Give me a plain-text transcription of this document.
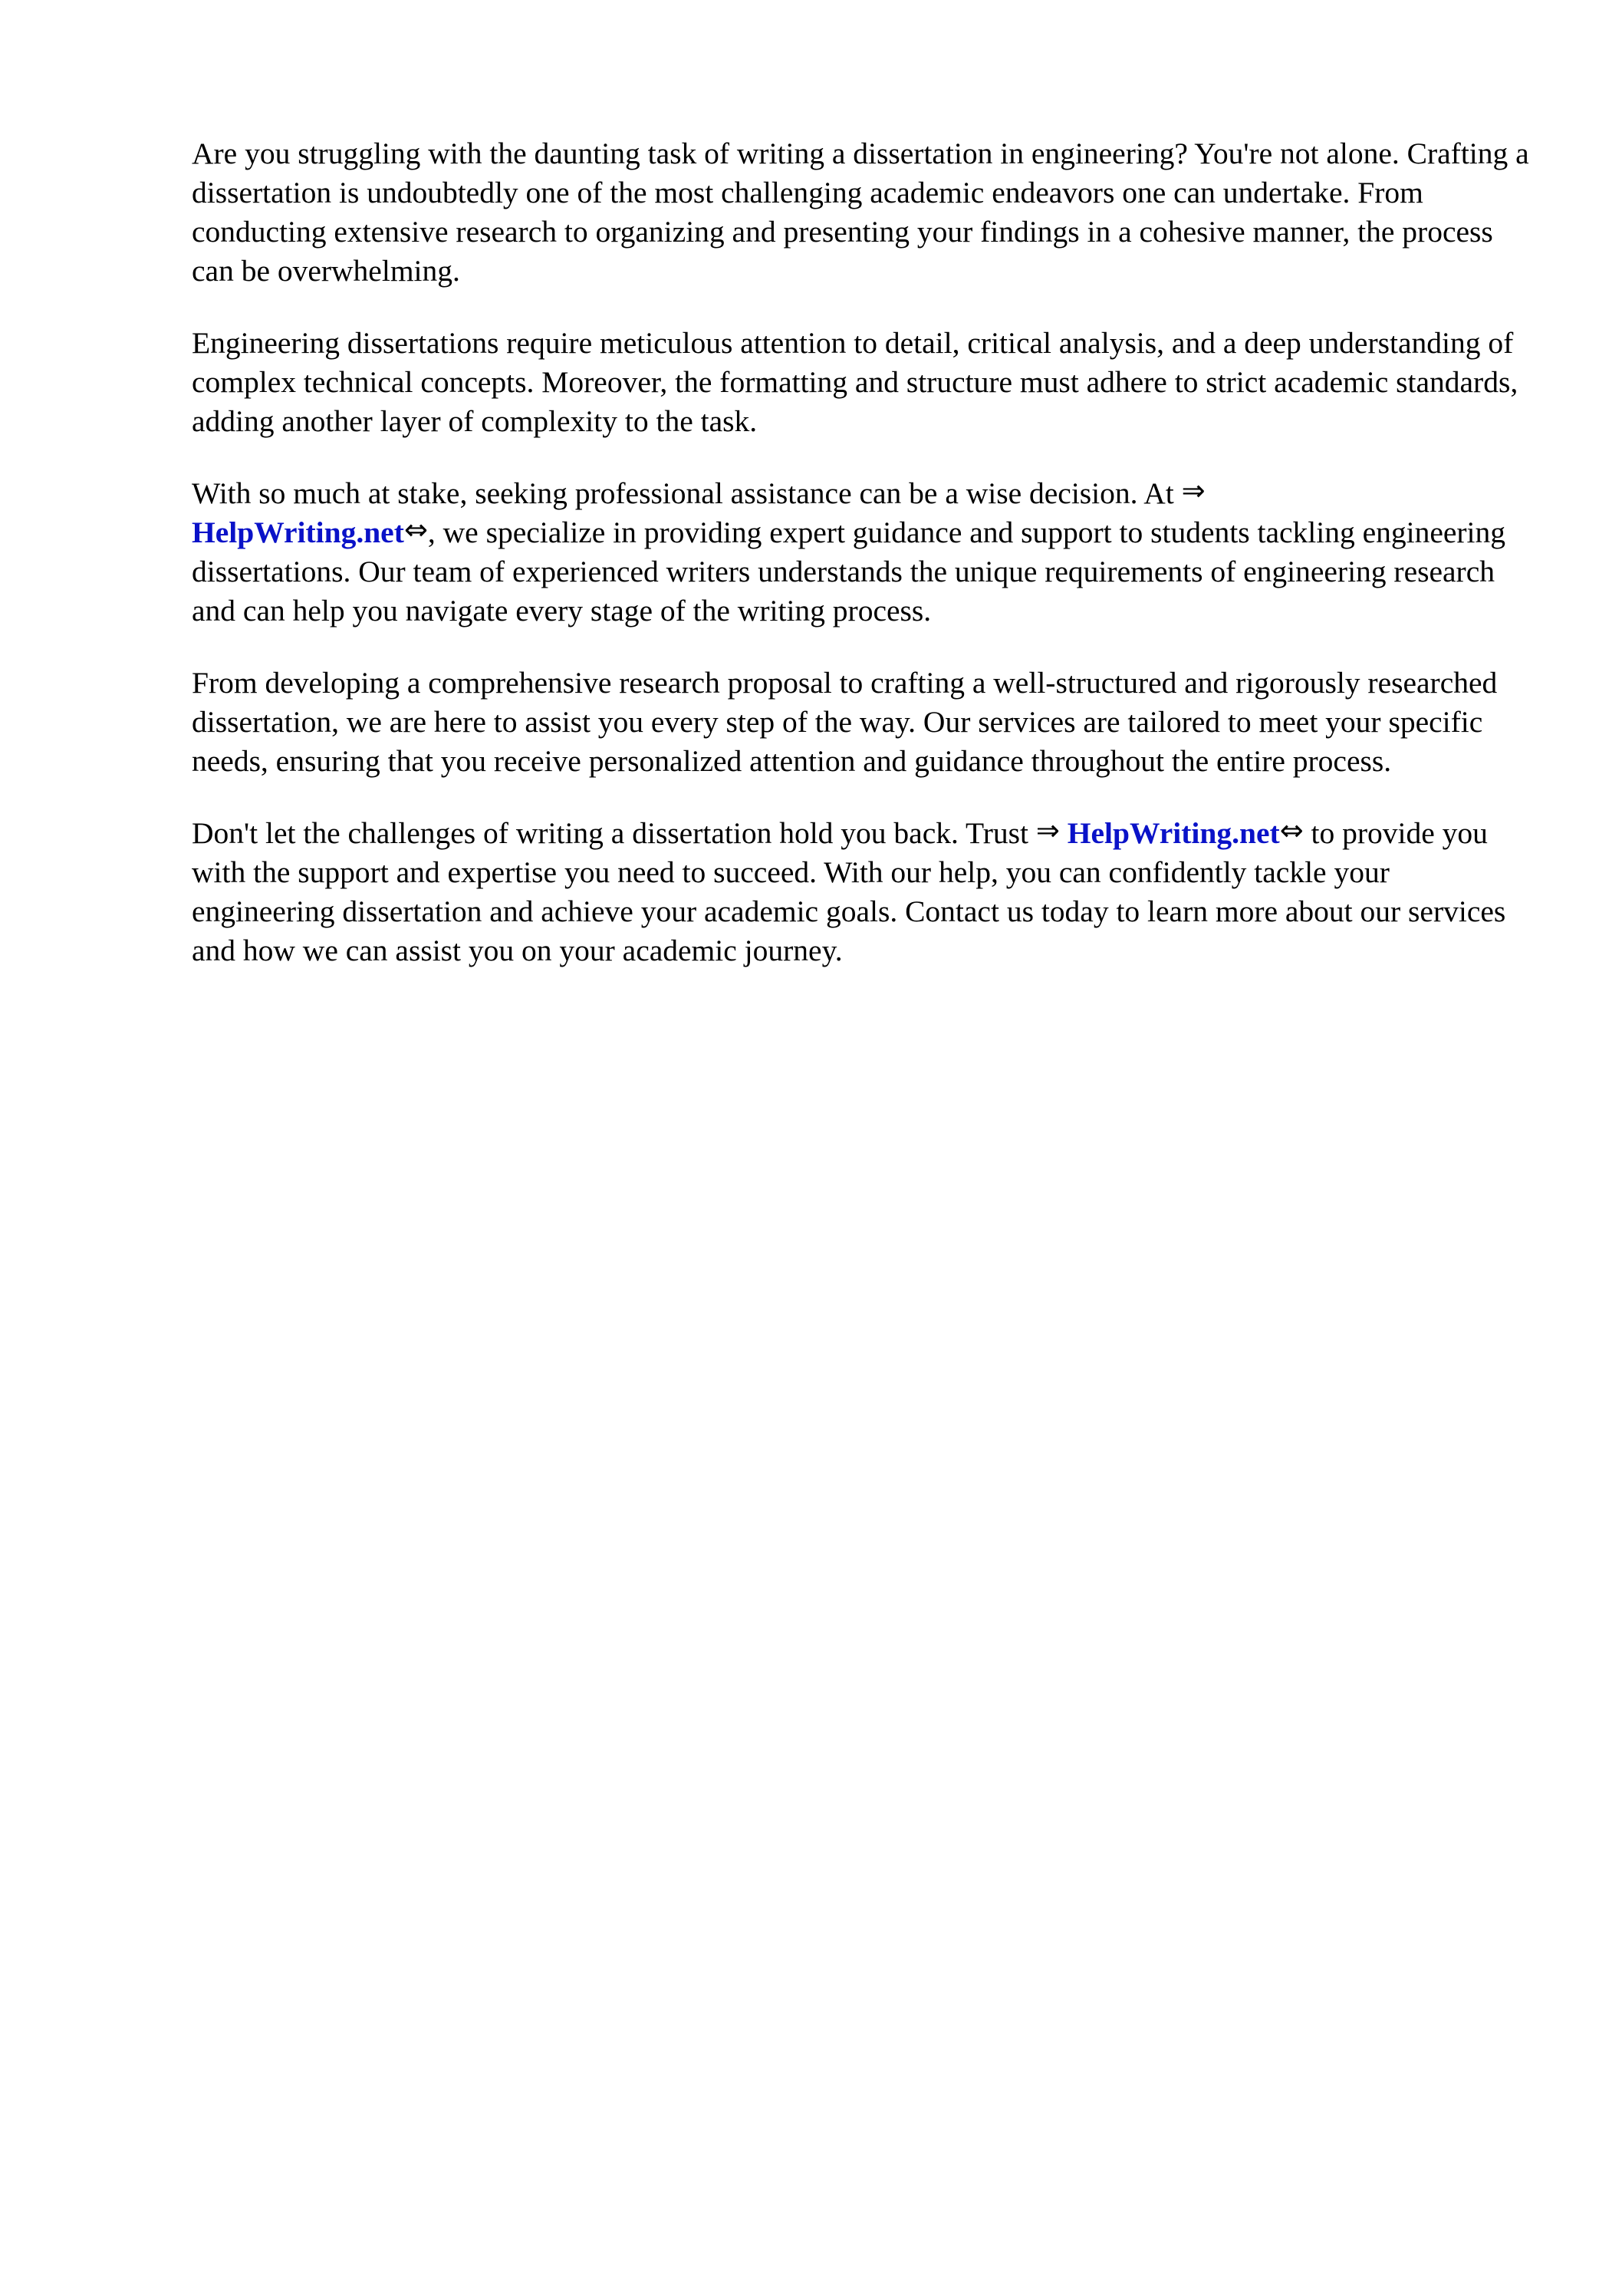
Are you struggling with the daunting task of writing a dissertation in engineering? You're not alone. Crafting a dissertation is undoubtedly one of the most challenging academic endeavors one can undertake. From conducting extensive research to organizing and presenting your findings in a cohesive manner, the process can be overwhelming.

Engineering dissertations require meticulous attention to detail, critical analysis, and a deep understanding of complex technical concepts. Moreover, the formatting and structure must adhere to strict academic standards, adding another layer of complexity to the task.

With so much at stake, seeking professional assistance can be a wise decision. At ⇒
HelpWriting.net⇔, we specialize in providing expert guidance and support to students tackling engineering dissertations. Our team of experienced writers understands the unique requirements of engineering research and can help you navigate every stage of the writing process.

From developing a comprehensive research proposal to crafting a well-structured and rigorously researched dissertation, we are here to assist you every step of the way. Our services are tailored to meet your specific needs, ensuring that you receive personalized attention and guidance throughout the entire process.

Don't let the challenges of writing a dissertation hold you back. Trust ⇒ HelpWriting.net⇔ to provide you with the support and expertise you need to succeed. With our help, you can confidently tackle your engineering dissertation and achieve your academic goals. Contact us today to learn more about our services and how we can assist you on your academic journey.
